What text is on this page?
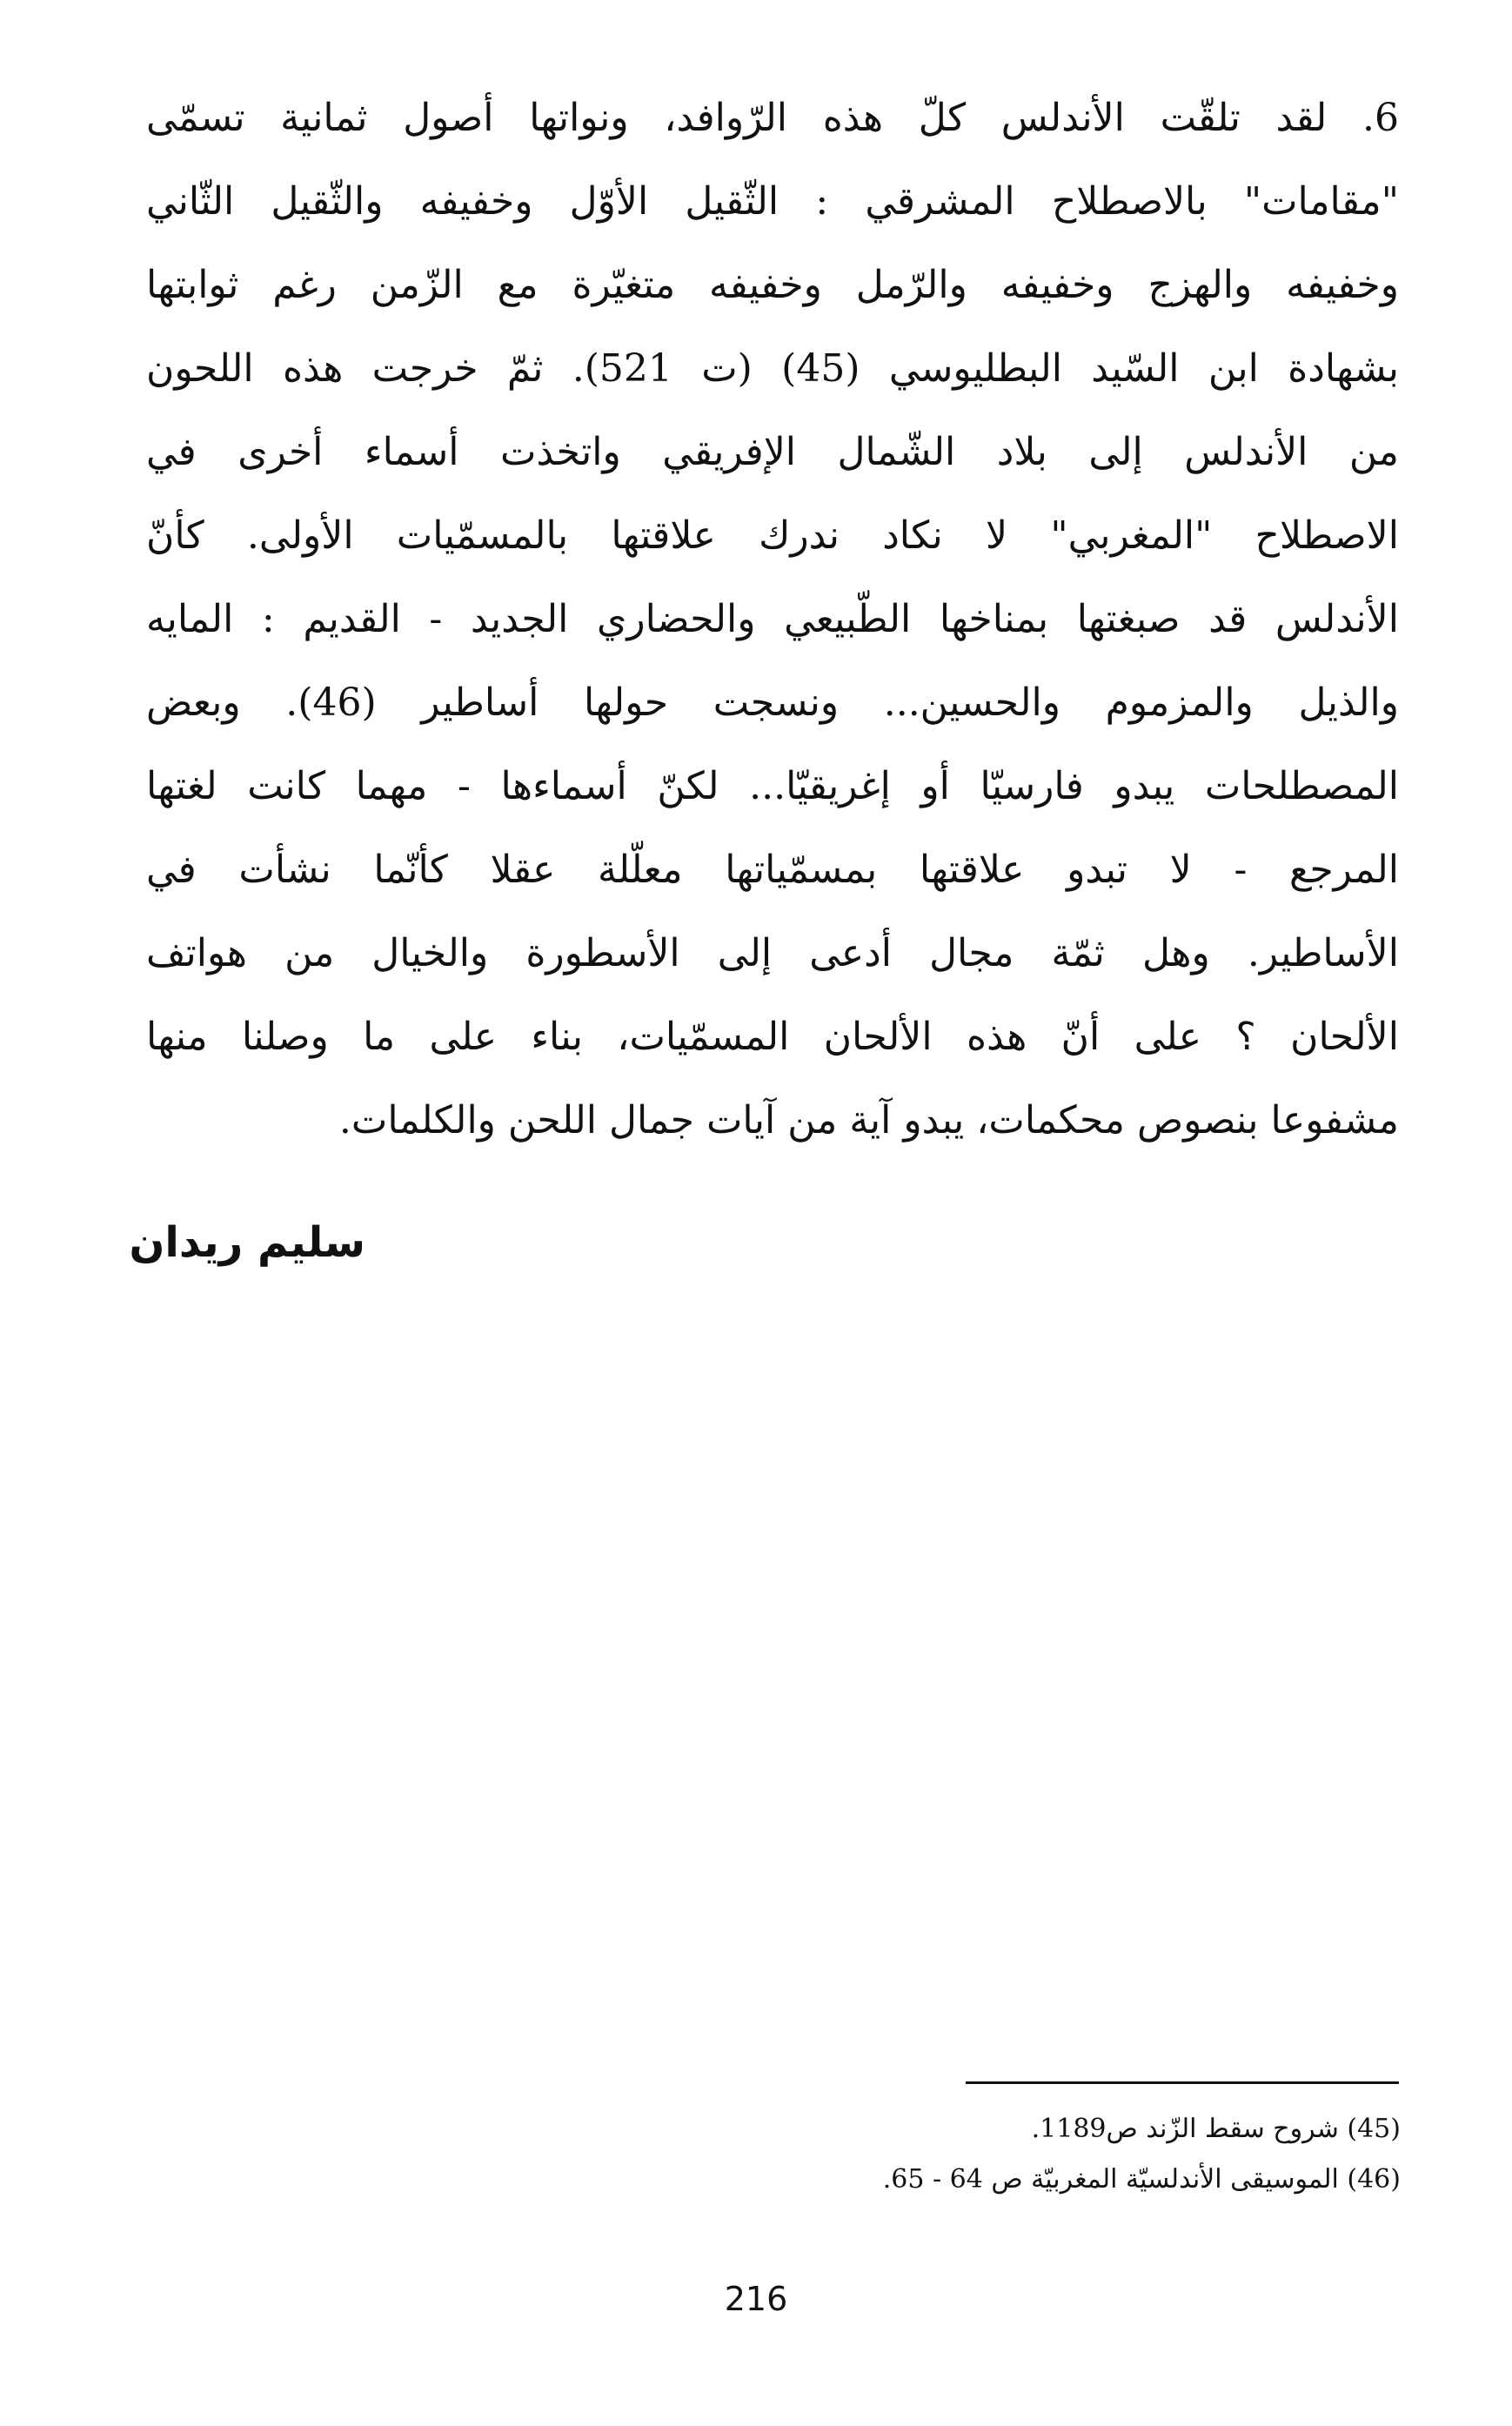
6. لقد تلقّت الأندلس كلّ هذه الرّوافد، ونواتها أصول ثمانية تسمّى
"مقامات" بالاصطلاح المشرقي : الثّقيل الأوّل وخفيفه والثّقيل الثّاني
وخفيفه والهزج وخفيفه والرّمل وخفيفه متغيّرة مع الزّمن رغم ثوابتها
بشهادة ابن السّيد البطليوسي (45) (ت 521). ثمّ خرجت هذه اللحون
من الأندلس إلى بلاد الشّمال الإفريقي واتخذت أسماء أخرى في
الاصطلاح "المغربي" لا نكاد ندرك علاقتها بالمسمّيات الأولى. كأنّ
الأندلس قد صبغتها بمناخها الطّبيعي والحضاري الجديد - القديم : المايه
والذيل والمزموم والحسين... ونسجت حولها أساطير (46). وبعض
المصطلحات يبدو فارسيّا أو إغريقيّا... لكنّ أسماءها - مهما كانت لغتها
المرجع - لا تبدو علاقتها بمسمّياتها معلّلة عقلا كأنّما نشأت في
الأساطير. وهل ثمّة مجال أدعى إلى الأسطورة والخيال من هواتف
الألحان ؟ على أنّ هذه الألحان المسمّيات، بناء على ما وصلنا منها
مشفوعا بنصوص محكمات، يبدو آية من آيات جمال اللحن والكلمات.
سليم ريدان
(45) شروح سقط الزّند ص1189.
(46) الموسيقى الأندلسيّة المغربيّة ص 64 - 65.
216
